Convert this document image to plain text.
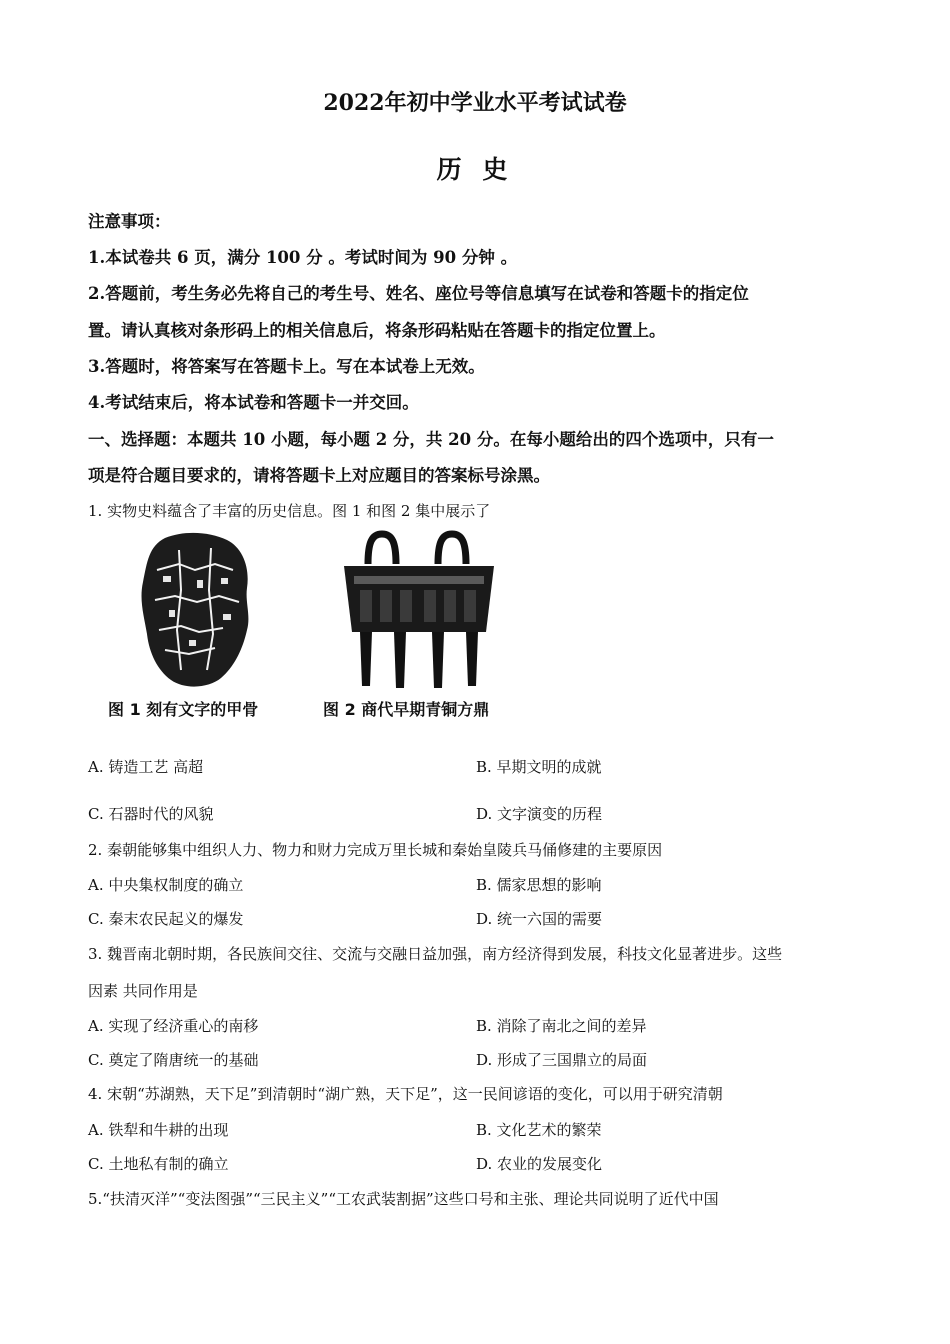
2022年初中学业水平考试试卷
历 史
注意事项：
1.本试卷共 6 页，满分 100 分 。考试时间为 90 分钟 。
2.答题前，考生务必先将自己的考生号、姓名、座位号等信息填写在试卷和答题卡的指定位
置。请认真核对条形码上的相关信息后，将条形码粘贴在答题卡的指定位置上。
3.答题时，将答案写在答题卡上。写在本试卷上无效。
4.考试结束后，将本试卷和答题卡一并交回。
一、选择题：本题共 10 小题，每小题 2 分，共 20 分。在每小题给出的四个选项中，只有一
项是符合题目要求的，请将答题卡上对应题目的答案标号涂黑。
1. 实物史料蕴含了丰富的历史信息。图 1 和图 2 集中展示了
图 1 刻有文字的甲骨	图 2 商代早期青铜方鼎
A. 铸造工艺 高超	B. 早期文明的成就
C. 石器时代的风貌	D. 文字演变的历程
2. 秦朝能够集中组织人力、物力和财力完成万里长城和秦始皇陵兵马俑修建的主要原因
A. 中央集权制度的确立	B. 儒家思想的影响
C. 秦末农民起义的爆发	D. 统一六国的需要
3. 魏晋南北朝时期，各民族间交往、交流与交融日益加强，南方经济得到发展，科技文化显著进步。这些
因素 共同作用是
A. 实现了经济重心的南移	B. 消除了南北之间的差异
C. 奠定了隋唐统一的基础	D. 形成了三国鼎立的局面
4. 宋朝“苏湖熟，天下足”到清朝时“湖广熟，天下足”，这一民间谚语的变化，可以用于研究清朝
A. 铁犁和牛耕的出现	B. 文化艺术的繁荣
C. 土地私有制的确立	D. 农业的发展变化
5.“扶清灭洋”“变法图强”“三民主义”“工农武装割据”这些口号和主张、理论共同说明了近代中国
